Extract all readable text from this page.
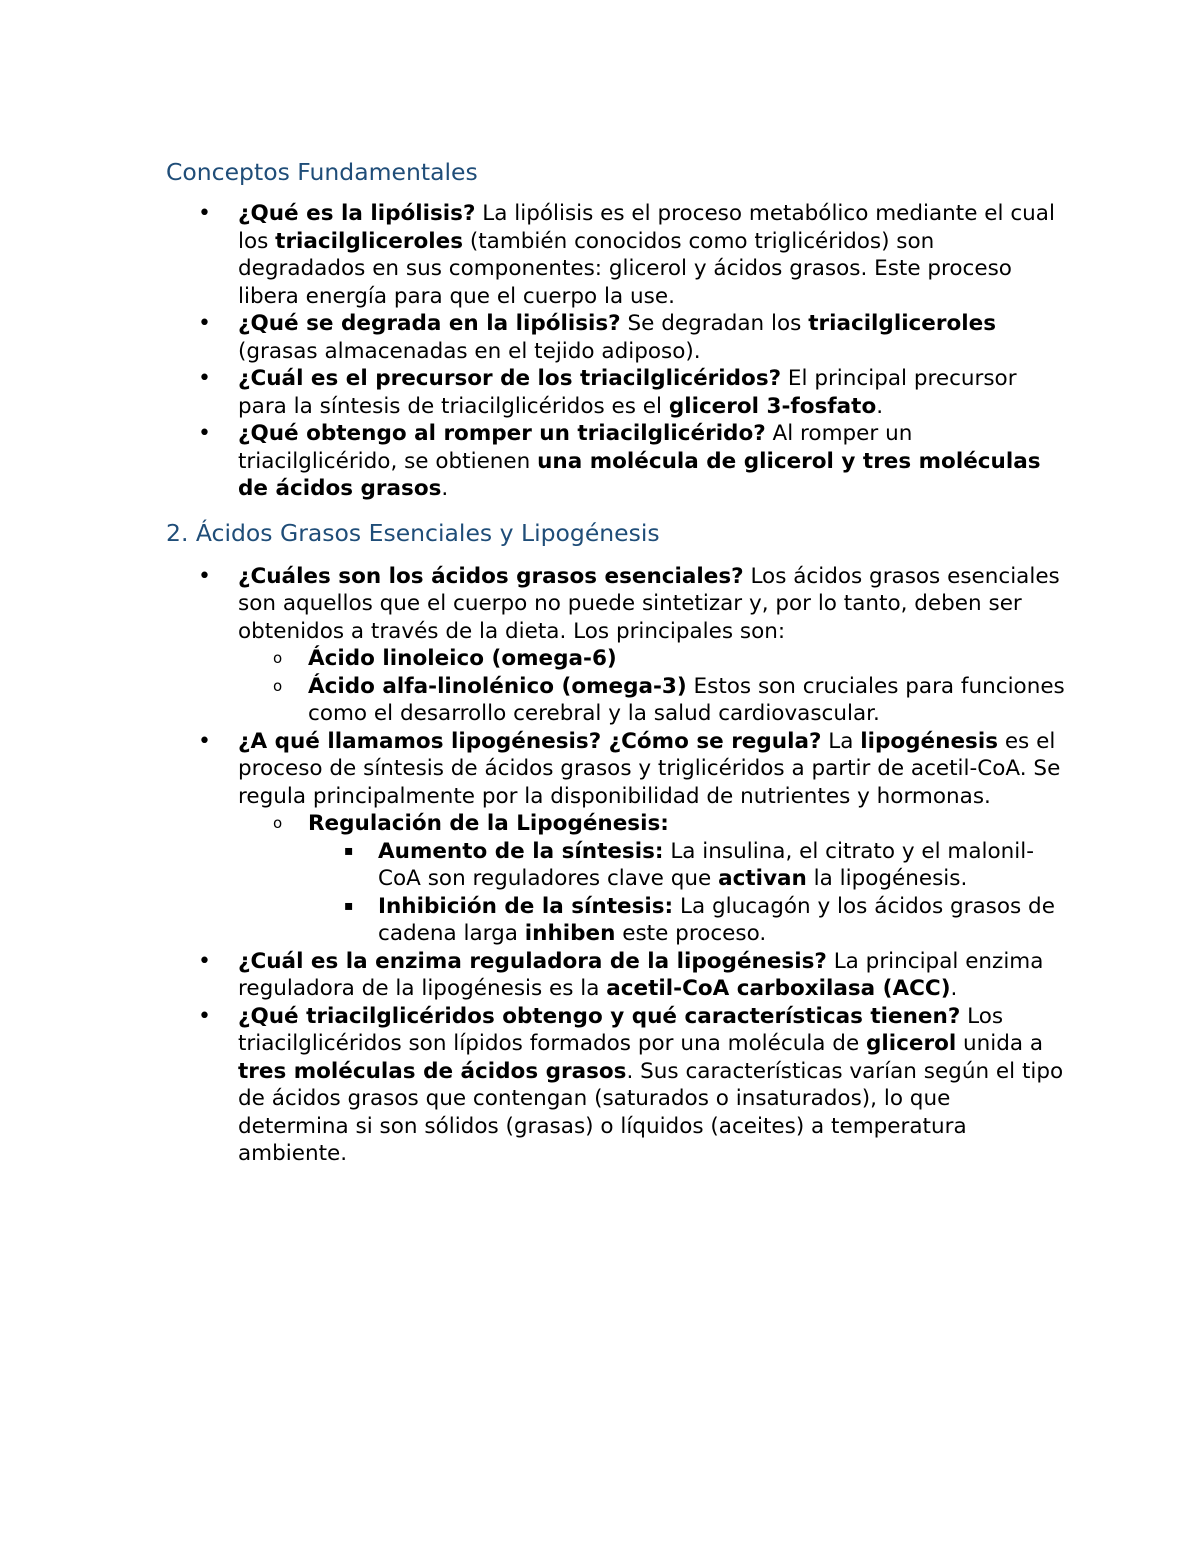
Conceptos Fundamentales
• ¿Qué es la lipólisis? La lipólisis es el proceso metabólico mediante el cual los triacilgliceroles (también conocidos como triglicéridos) son degradados en sus componentes: glicerol y ácidos grasos. Este proceso libera energía para que el cuerpo la use.
• ¿Qué se degrada en la lipólisis? Se degradan los triacilgliceroles (grasas almacenadas en el tejido adiposo).
• ¿Cuál es el precursor de los triacilglicéridos? El principal precursor para la síntesis de triacilglicéridos es el glicerol 3-fosfato.
• ¿Qué obtengo al romper un triacilglicérido? Al romper un triacilglicérido, se obtienen una molécula de glicerol y tres moléculas de ácidos grasos.
2. Ácidos Grasos Esenciales y Lipogénesis
• ¿Cuáles son los ácidos grasos esenciales? Los ácidos grasos esenciales son aquellos que el cuerpo no puede sintetizar y, por lo tanto, deben ser obtenidos a través de la dieta. Los principales son:
o Ácido linoleico (omega-6)
o Ácido alfa-linolénico (omega-3) Estos son cruciales para funciones como el desarrollo cerebral y la salud cardiovascular.
• ¿A qué llamamos lipogénesis? ¿Cómo se regula? La lipogénesis es el proceso de síntesis de ácidos grasos y triglicéridos a partir de acetil-CoA. Se regula principalmente por la disponibilidad de nutrientes y hormonas.
o Regulación de la Lipogénesis:
▪ Aumento de la síntesis: La insulina, el citrato y el malonil-CoA son reguladores clave que activan la lipogénesis.
▪ Inhibición de la síntesis: La glucagón y los ácidos grasos de cadena larga inhiben este proceso.
• ¿Cuál es la enzima reguladora de la lipogénesis? La principal enzima reguladora de la lipogénesis es la acetil-CoA carboxilasa (ACC).
• ¿Qué triacilglicéridos obtengo y qué características tienen? Los triacilglicéridos son lípidos formados por una molécula de glicerol unida a tres moléculas de ácidos grasos. Sus características varían según el tipo de ácidos grasos que contengan (saturados o insaturados), lo que determina si son sólidos (grasas) o líquidos (aceites) a temperatura ambiente.
